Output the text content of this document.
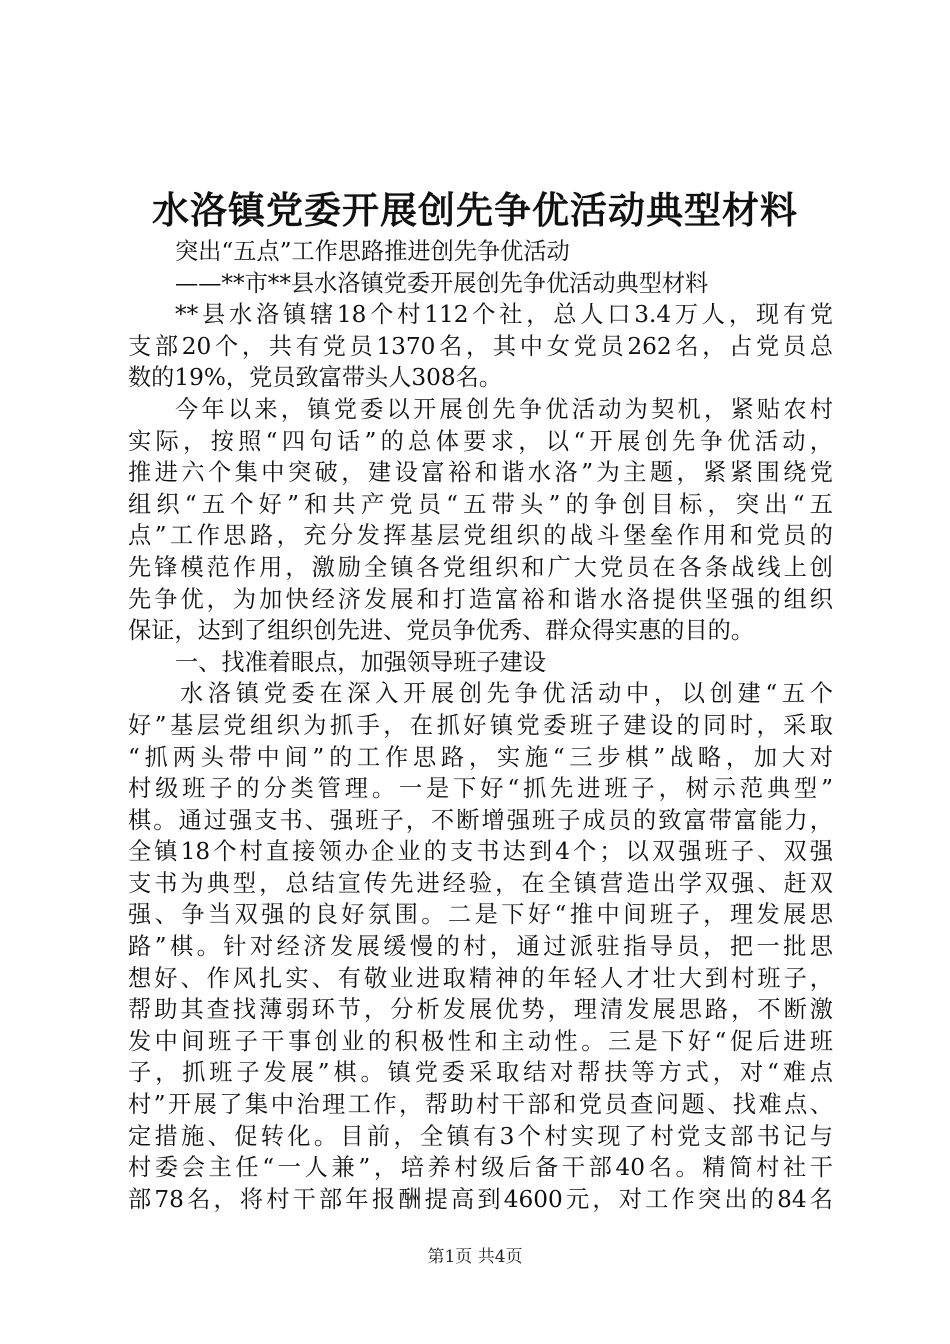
水洛镇党委开展创先争优活动典型材料
突出“五点”工作思路推进创先争优活动
——**市**县水洛镇党委开展创先争优活动典型材料
**县水洛镇辖18个村112个社，总人口3.4万人，现有党
支部20个，共有党员1370名，其中女党员262名，占党员总
数的19%，党员致富带头人308名。
今年以来，镇党委以开展创先争优活动为契机，紧贴农村
实际，按照“四句话”的总体要求，以“开展创先争优活动，
推进六个集中突破，建设富裕和谐水洛”为主题，紧紧围绕党
组织“五个好”和共产党员“五带头”的争创目标，突出“五
点”工作思路，充分发挥基层党组织的战斗堡垒作用和党员的
先锋模范作用，激励全镇各党组织和广大党员在各条战线上创
先争优，为加快经济发展和打造富裕和谐水洛提供坚强的组织
保证，达到了组织创先进、党员争优秀、群众得实惠的目的。
一、找准着眼点，加强领导班子建设
水洛镇党委在深入开展创先争优活动中，以创建“五个
好”基层党组织为抓手，在抓好镇党委班子建设的同时，采取
“抓两头带中间”的工作思路，实施“三步棋”战略，加大对
村级班子的分类管理。一是下好“抓先进班子，树示范典型”
棋。通过强支书、强班子，不断增强班子成员的致富带富能力，
全镇18个村直接领办企业的支书达到4个；以双强班子、双强
支书为典型，总结宣传先进经验，在全镇营造出学双强、赶双
强、争当双强的良好氛围。二是下好“推中间班子，理发展思
路”棋。针对经济发展缓慢的村，通过派驻指导员，把一批思
想好、作风扎实、有敬业进取精神的年轻人才壮大到村班子，
帮助其查找薄弱环节，分析发展优势，理清发展思路，不断激
发中间班子干事创业的积极性和主动性。三是下好“促后进班
子，抓班子发展”棋。镇党委采取结对帮扶等方式，对“难点
村”开展了集中治理工作，帮助村干部和党员查问题、找难点、
定措施、促转化。目前，全镇有3个村实现了村党支部书记与
村委会主任“一人兼”，培养村级后备干部40名。精简村社干
部78名，将村干部年报酬提高到4600元，对工作突出的84名
第1页 共4页
